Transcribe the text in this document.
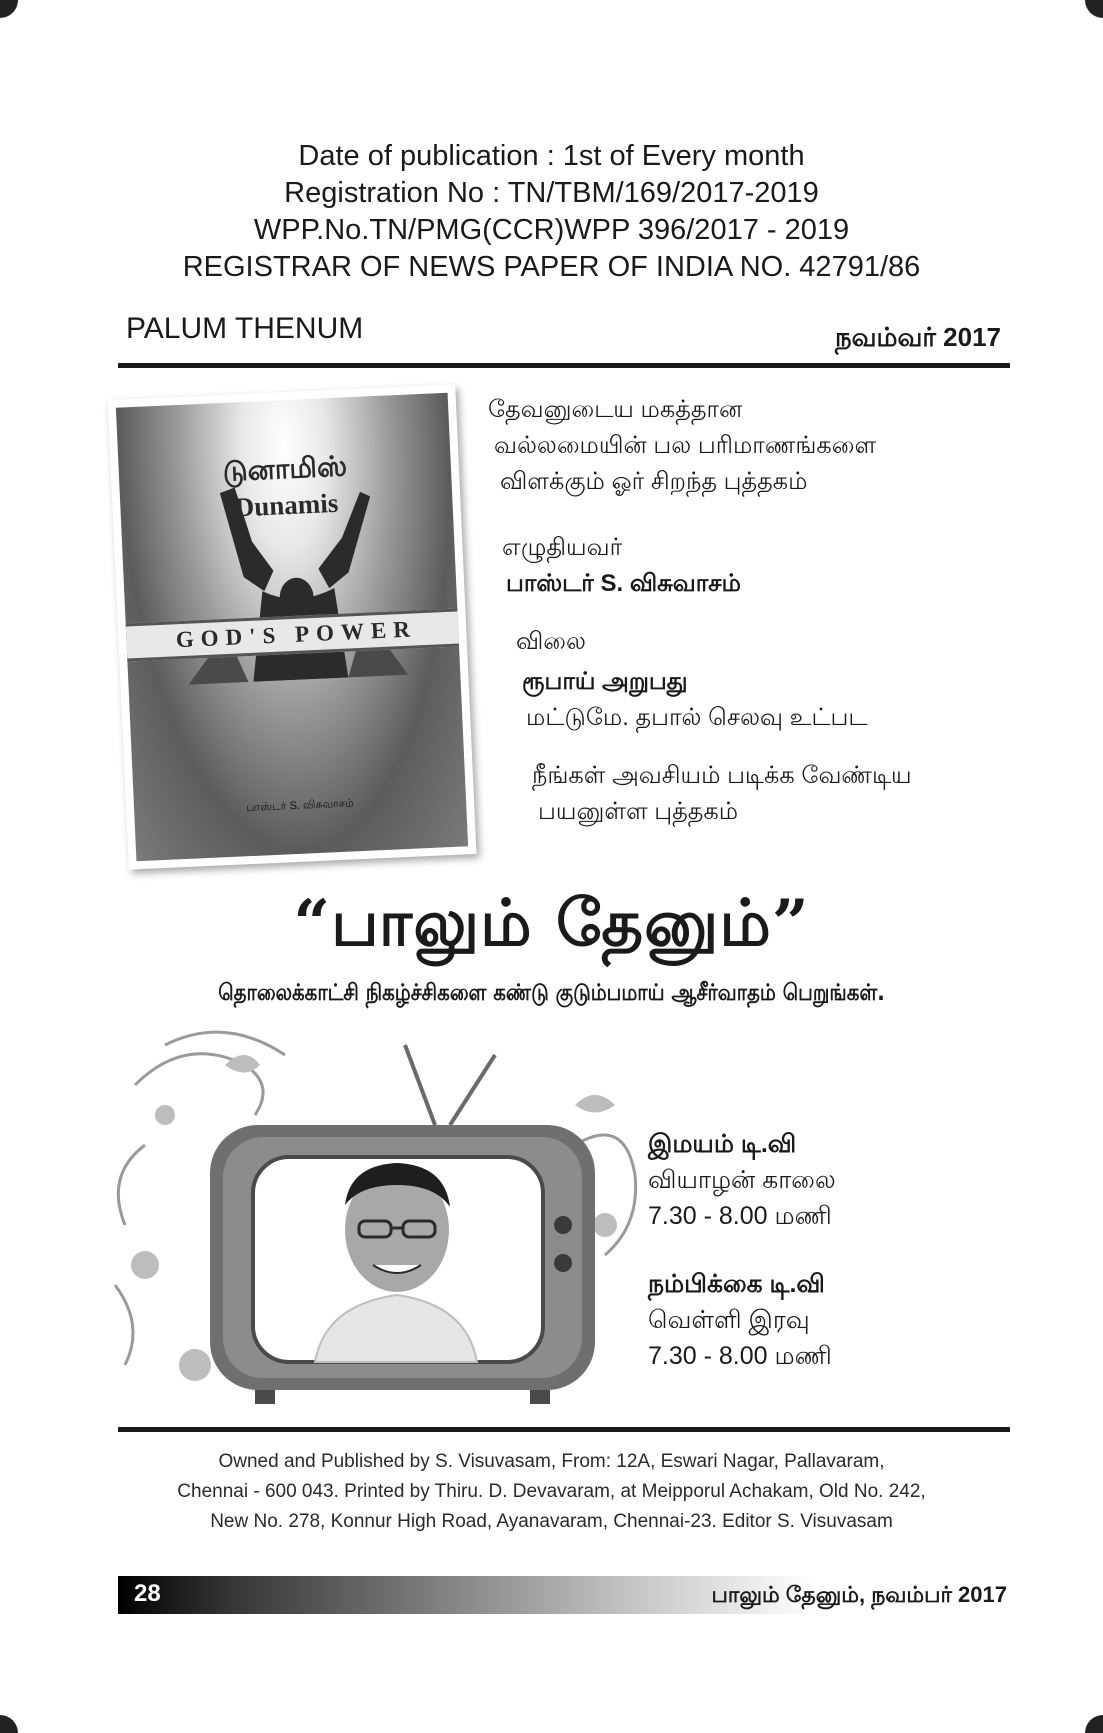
Date of publication : 1st of Every month
Registration No : TN/TBM/169/2017-2019
WPP.No.TN/PMG(CCR)WPP 396/2017 - 2019
REGISTRAR OF NEWS PAPER OF INDIA NO. 42791/86
PALUM THENUM	நவம்வர் 2017
டுனாமிஸ்
Dunamis
GOD'S POWER
பாஸ்டர் S. விசுவாசம்
தேவனுடைய மகத்தான
வல்லமையின் பல பரிமாணங்களை
விளக்கும் ஓர் சிறந்த புத்தகம்
எழுதியவர்
பாஸ்டர் S. விசுவாசம்
விலை
ரூபாய் அறுபது
மட்டுமே. தபால் செலவு உட்பட
நீங்கள் அவசியம் படிக்க வேண்டிய
பயனுள்ள புத்தகம்
“பாலும் தேனும்”
தொலைக்காட்சி நிகழ்ச்சிகளை கண்டு குடும்பமாய் ஆசீர்வாதம் பெறுங்கள்.
இமயம் டி.வி
வியாழன் காலை
7.30 - 8.00 மணி
நம்பிக்கை டி.வி
வெள்ளி இரவு
7.30 - 8.00 மணி
Owned and Published by S. Visuvasam, From: 12A, Eswari Nagar, Pallavaram,
Chennai - 600 043. Printed by Thiru. D. Devavaram, at Meipporul Achakam, Old No. 242,
New No. 278, Konnur High Road, Ayanavaram, Chennai-23. Editor S. Visuvasam
28	பாலும் தேனும், நவம்பர் 2017
